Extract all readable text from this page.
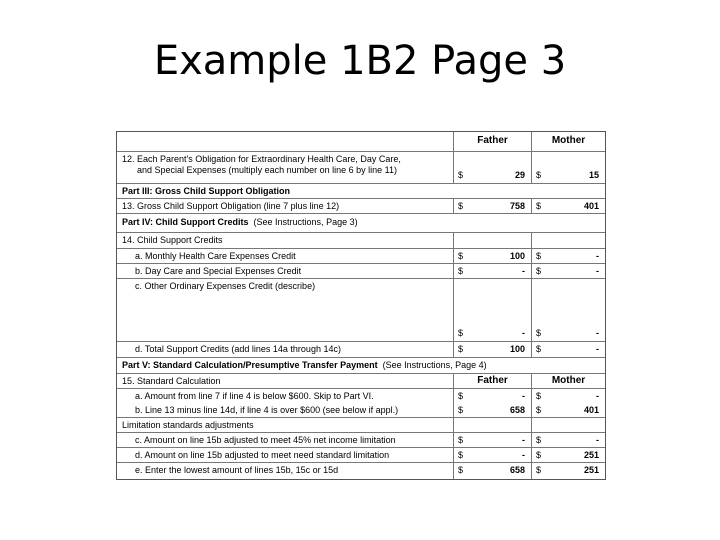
Example 1B2 Page 3
Father	Mother
12. Each Parent's Obligation for Extraordinary Health Care, Day Care,
and Special Expenses (multiply each number on line 6 by line 11)	$	29 $	15
Part III: Gross Child Support Obligation
13. Gross Child Support Obligation (line 7 plus line 12)	$	758 $	401
Part IV: Child Support Credits (See Instructions, Page 3)
14. Child Support Credits
a. Monthly Health Care Expenses Credit	$	100 $	-
b. Day Care and Special Expenses Credit	$	- $	-
c. Other Ordinary Expenses Credit (describe)
$	- $	-
d. Total Support Credits (add lines 14a through 14c)	$	100 $	-
Part V: Standard Calculation/Presumptive Transfer Payment (See Instructions, Page 4)
15. Standard Calculation	Father	Mother
a. Amount from line 7 if line 4 is below $600. Skip to Part VI.	$	- $	-
b. Line 13 minus line 14d, if line 4 is over $600 (see below if appl.)	$	658 $	401
Limitation standards adjustments
c. Amount on line 15b adjusted to meet 45% net income limitation	$	- $	-
d. Amount on line 15b adjusted to meet need standard limitation	$	- $	251
e. Enter the lowest amount of lines 15b, 15c or 15d	$	658 $	251
